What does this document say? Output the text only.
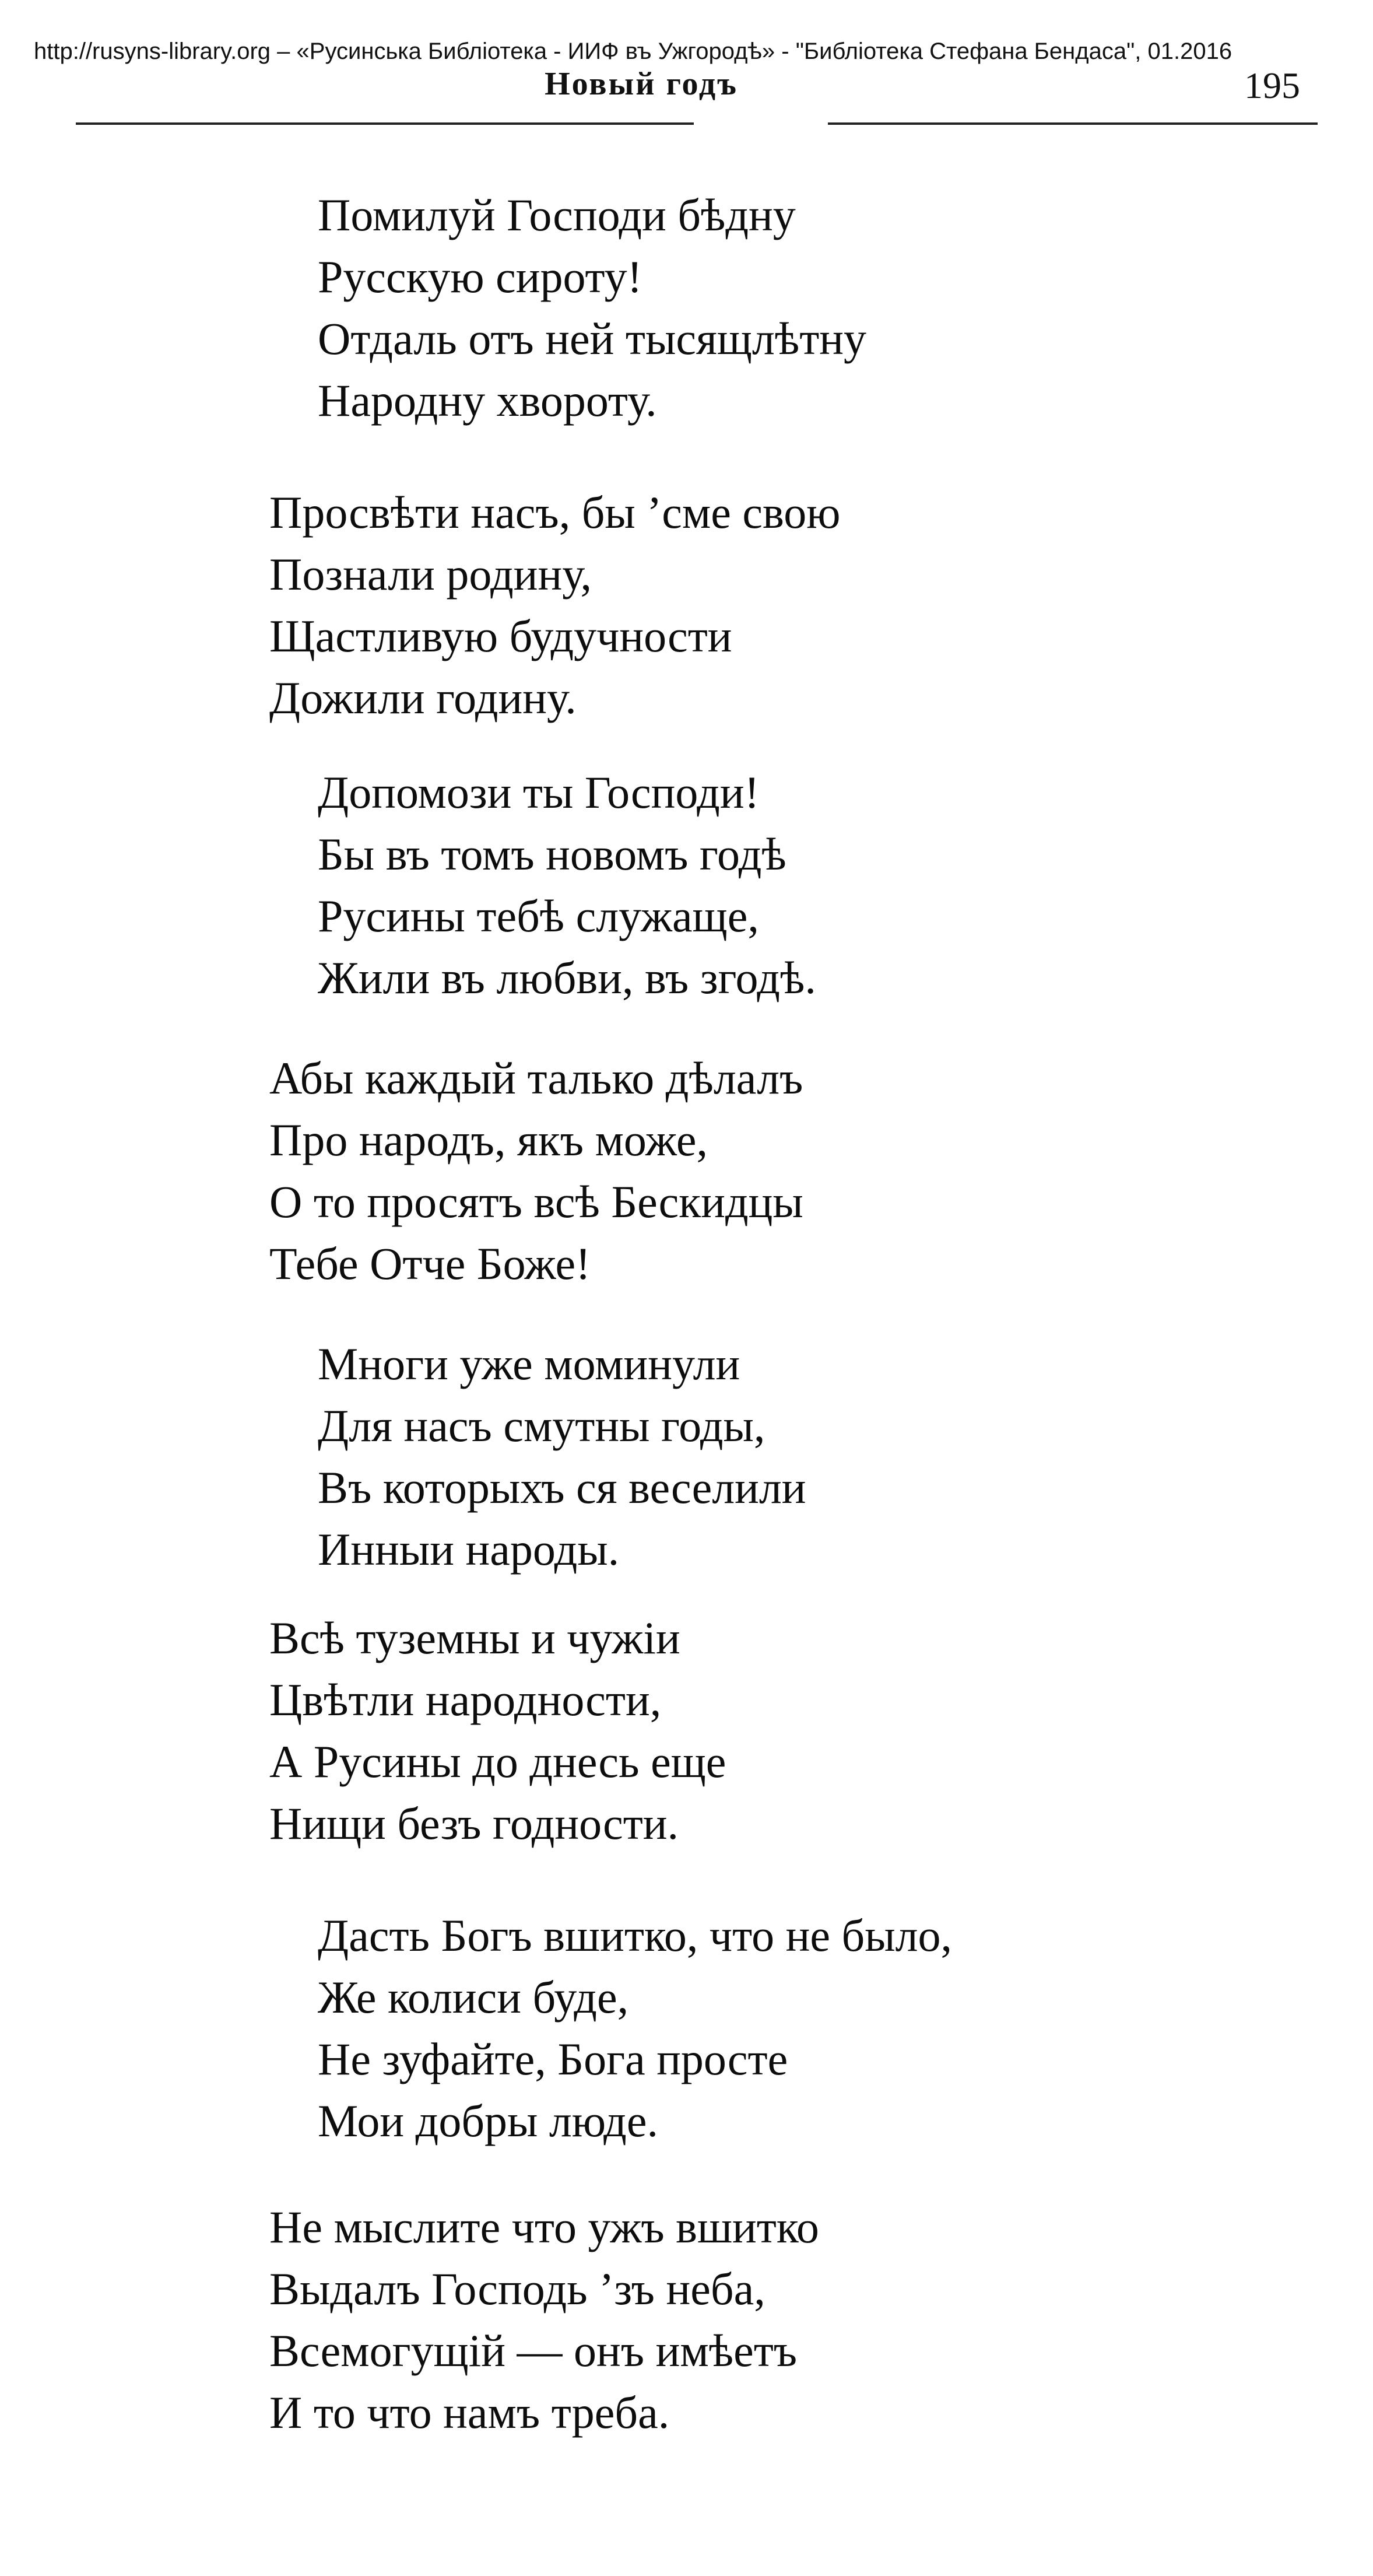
http://rusyns-library.org – «Русинська Библіотека - ИИФ въ Ужгородѣ» - "Библіотека Стефана Бендаса", 01.2016
Новый годъ	195
Помилуй Господи бѣдну
Русскую сироту!
Отдаль отъ ней тысящлѣтну
Народну хвороту.
Просвѣти насъ, бы ’сме свою
Познали родину,
Щастливую будучности
Дожили годину.
Допомози ты Господи!
Бы въ томъ новомъ годѣ
Русины тебѣ служаще,
Жили въ любви, въ згодѣ.
Абы каждый талько дѣлалъ
Про народъ, якъ може,
О то просятъ всѣ Бескидцы
Тебе Отче Боже!
Многи уже моминули
Для насъ смутны годы,
Въ которыхъ ся веселили
Инныи народы.
Всѣ туземны и чужіи
Цвѣтли народности,
А Русины до днесь еще
Нищи безъ годности.
Дасть Богъ вшитко, что не было,
Же колиси буде,
Не зуфайте, Бога просте
Мои добры люде.
Не мыслите что ужъ вшитко
Выдалъ Господь ’зъ неба,
Всемогущій — онъ имѣетъ
И то что намъ треба.
